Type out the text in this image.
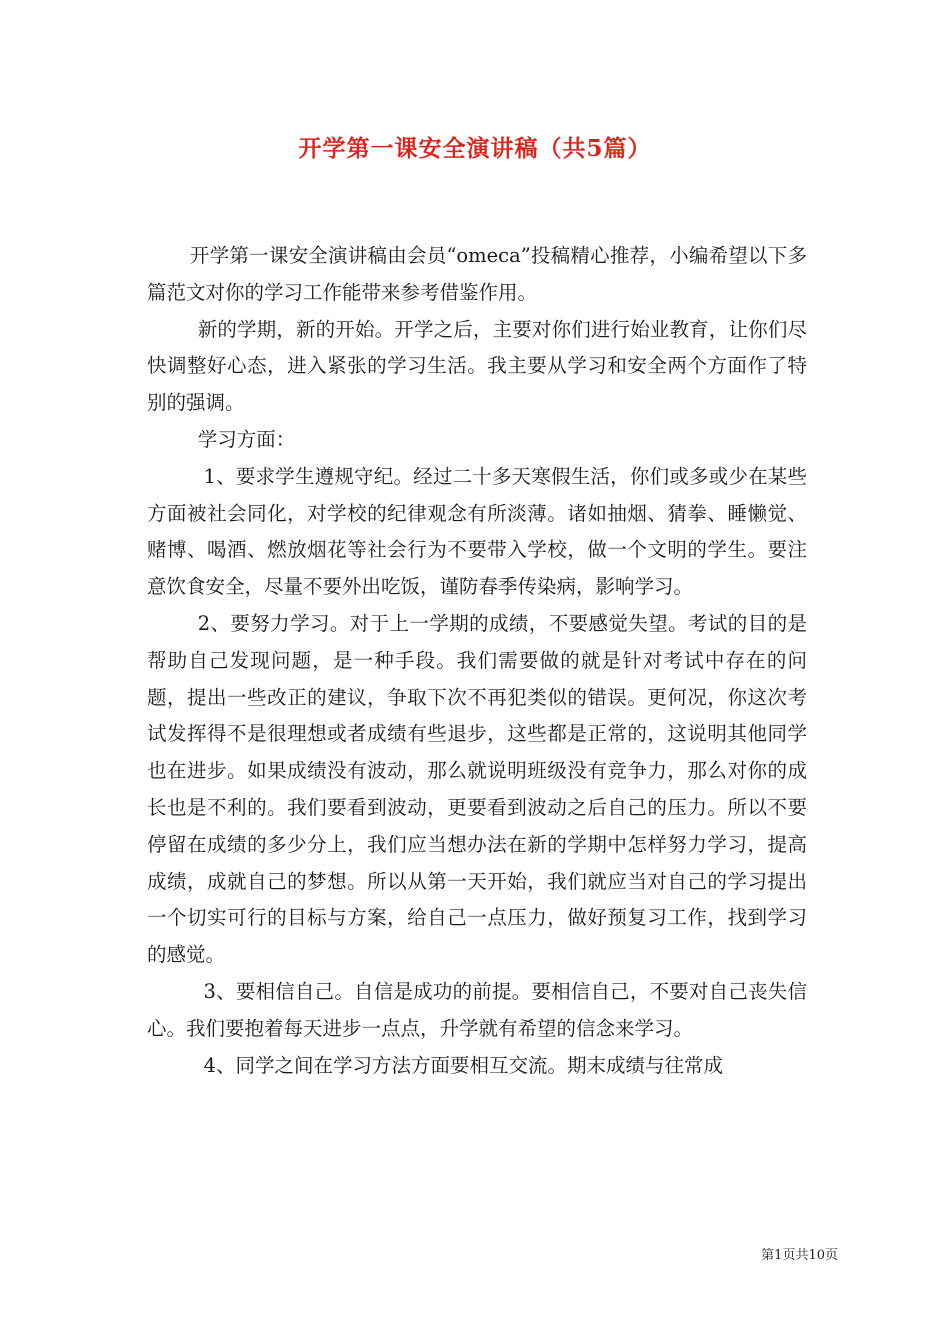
开学第一课安全演讲稿（共5篇）

开学第一课安全演讲稿由会员“omeca”投稿精心推荐，小编希望以下多篇范文对你的学习工作能带来参考借鉴作用。

新的学期，新的开始。开学之后，主要对你们进行始业教育，让你们尽快调整好心态，进入紧张的学习生活。我主要从学习和安全两个方面作了特别的强调。

学习方面：

1、要求学生遵规守纪。经过二十多天寒假生活，你们或多或少在某些方面被社会同化，对学校的纪律观念有所淡薄。诸如抽烟、猜拳、睡懒觉、赌博、喝酒、燃放烟花等社会行为不要带入学校，做一个文明的学生。要注意饮食安全，尽量不要外出吃饭，谨防春季传染病，影响学习。

2、要努力学习。对于上一学期的成绩，不要感觉失望。考试的目的是帮助自己发现问题，是一种手段。我们需要做的就是针对考试中存在的问题，提出一些改正的建议，争取下次不再犯类似的错误。更何况，你这次考试发挥得不是很理想或者成绩有些退步，这些都是正常的，这说明其他同学也在进步。如果成绩没有波动，那么就说明班级没有竞争力，那么对你的成长也是不利的。我们要看到波动，更要看到波动之后自己的压力。所以不要停留在成绩的多少分上，我们应当想办法在新的学期中怎样努力学习，提高成绩，成就自己的梦想。所以从第一天开始，我们就应当对自己的学习提出一个切实可行的目标与方案，给自己一点压力，做好预复习工作，找到学习的感觉。

3、要相信自己。自信是成功的前提。要相信自己，不要对自己丧失信心。我们要抱着每天进步一点点，升学就有希望的信念来学习。

4、同学之间在学习方法方面要相互交流。期末成绩与往常成

第1页共10页
